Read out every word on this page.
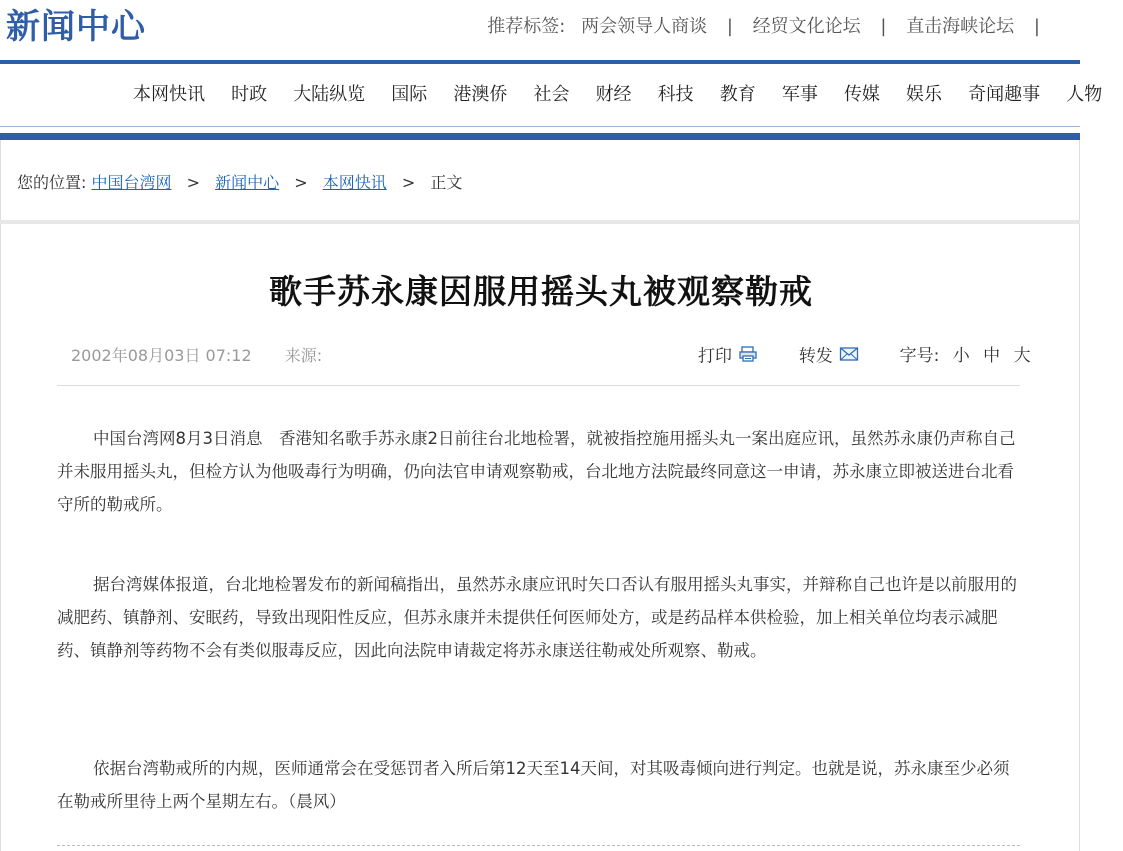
新闻中心	推荐标签: 两会领导人商谈 | 经贸文化论坛 | 直击海峡论坛 |
本网快讯 时政 大陆纵览 国际 港澳侨 社会 财经 科技 教育 军事 传媒 娱乐 奇闻趣事 人物
您的位置: 中国台湾网 > 新闻中心 > 本网快讯 > 正文
歌手苏永康因服用摇头丸被观察勒戒
2002年08月03日 07:12 来源:	打印	转发	字号: 小 中 大

中国台湾网8月3日消息　香港知名歌手苏永康2日前往台北地检署，就被指控施用摇头丸一案出庭应讯，虽然苏永康仍声称自己并未服用摇头丸，但检方认为他吸毒行为明确，仍向法官申请观察勒戒，台北地方法院最终同意这一申请，苏永康立即被送进台北看守所的勒戒所。

据台湾媒体报道，台北地检署发布的新闻稿指出，虽然苏永康应讯时矢口否认有服用摇头丸事实，并辩称自己也许是以前服用的减肥药、镇静剂、安眠药，导致出现阳性反应，但苏永康并未提供任何医师处方，或是药品样本供检验，加上相关单位均表示减肥药、镇静剂等药物不会有类似服毒反应，因此向法院申请裁定将苏永康送往勒戒处所观察、勒戒。

依据台湾勒戒所的内规，医师通常会在受惩罚者入所后第12天至14天间，对其吸毒倾向进行判定。也就是说，苏永康至少必须在勒戒所里待上两个星期左右。（晨风）
